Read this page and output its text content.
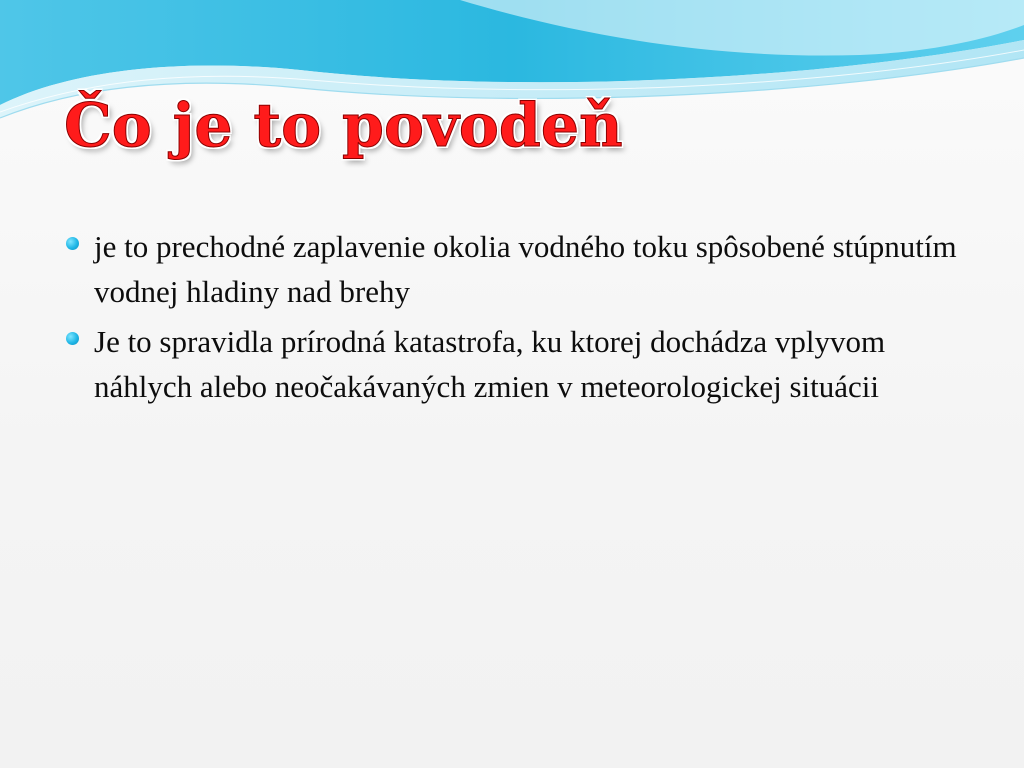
Čo je to povodeň
je to prechodné zaplavenie okolia vodného toku spôsobené stúpnutím vodnej hladiny nad brehy
Je to spravidla prírodná katastrofa, ku ktorej dochádza vplyvom náhlych alebo neočakávaných zmien v meteorologickej situácii
